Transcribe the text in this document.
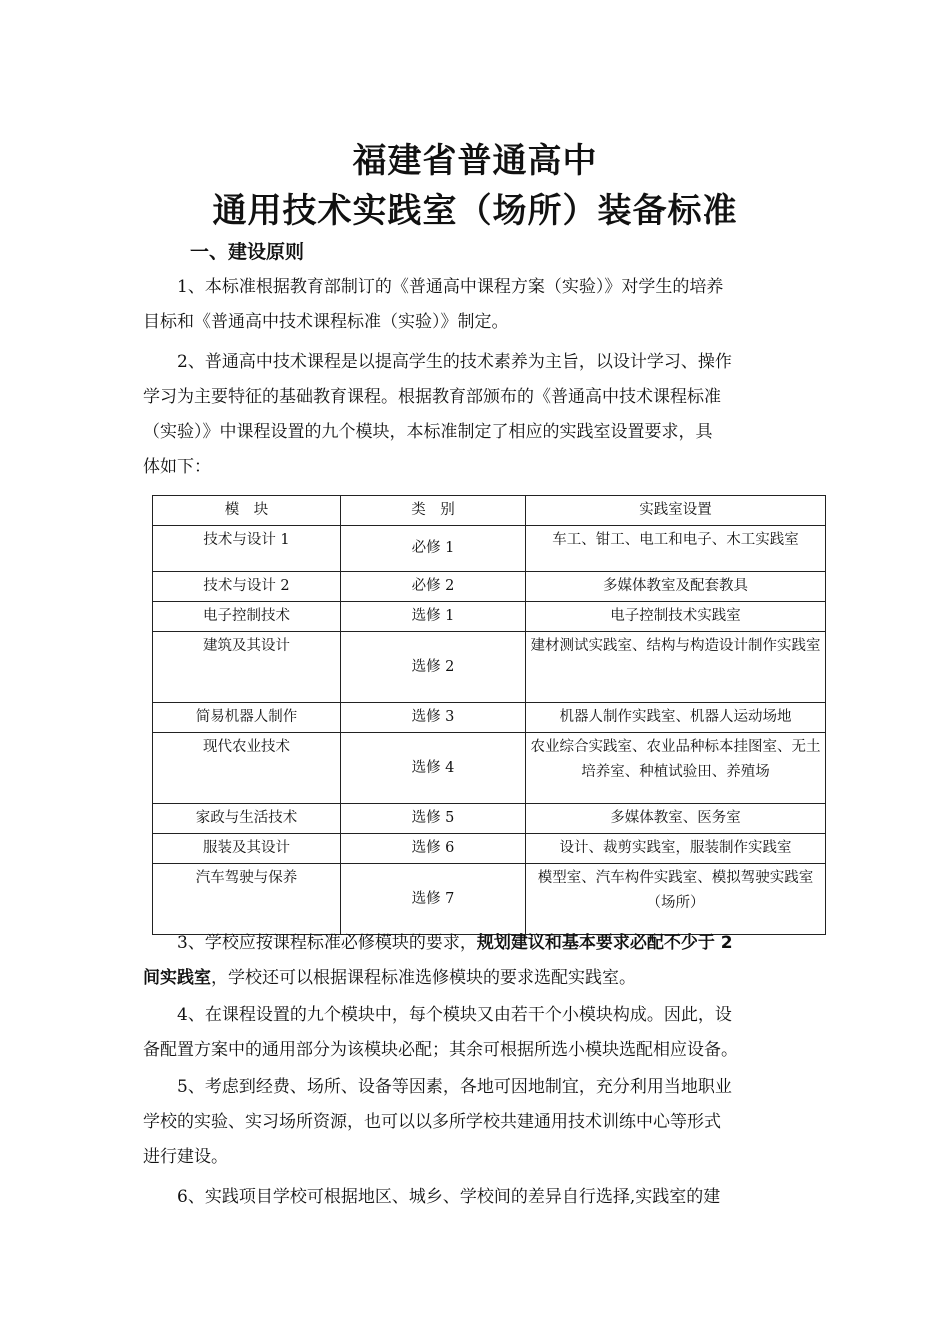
福建省普通高中
通用技术实践室（场所）装备标准
一、建设原则
1、本标准根据教育部制订的《普通高中课程方案（实验）》对学生的培养
目标和《普通高中技术课程标准（实验）》制定。
2、普通高中技术课程是以提高学生的技术素养为主旨，以设计学习、操作
学习为主要特征的基础教育课程。根据教育部颁布的《普通高中技术课程标准
（实验）》中课程设置的九个模块，本标准制定了相应的实践室设置要求，具
体如下：
模　块	类　别	实践室设置
技术与设计 1	必修 1	车工、钳工、电工和电子、木工实践室
技术与设计 2	必修 2	多媒体教室及配套教具
电子控制技术	选修 1	电子控制技术实践室
建筑及其设计	选修 2	建材测试实践室、结构与构造设计制作实践室
简易机器人制作	选修 3	机器人制作实践室、机器人运动场地
现代农业技术	选修 4	农业综合实践室、农业品种标本挂图室、无土培养室、种植试验田、养殖场
家政与生活技术	选修 5	多媒体教室、医务室
服装及其设计	选修 6	设计、裁剪实践室，服装制作实践室
汽车驾驶与保养	选修 7	模型室、汽车构件实践室、模拟驾驶实践室（场所）
3、学校应按课程标准必修模块的要求，规划建议和基本要求必配不少于 2
间实践室，学校还可以根据课程标准选修模块的要求选配实践室。
4、在课程设置的九个模块中，每个模块又由若干个小模块构成。因此，设
备配置方案中的通用部分为该模块必配；其余可根据所选小模块选配相应设备。
5、考虑到经费、场所、设备等因素，各地可因地制宜，充分利用当地职业
学校的实验、实习场所资源，也可以以多所学校共建通用技术训练中心等形式
进行建设。
6、实践项目学校可根据地区、城乡、学校间的差异自行选择,实践室的建
